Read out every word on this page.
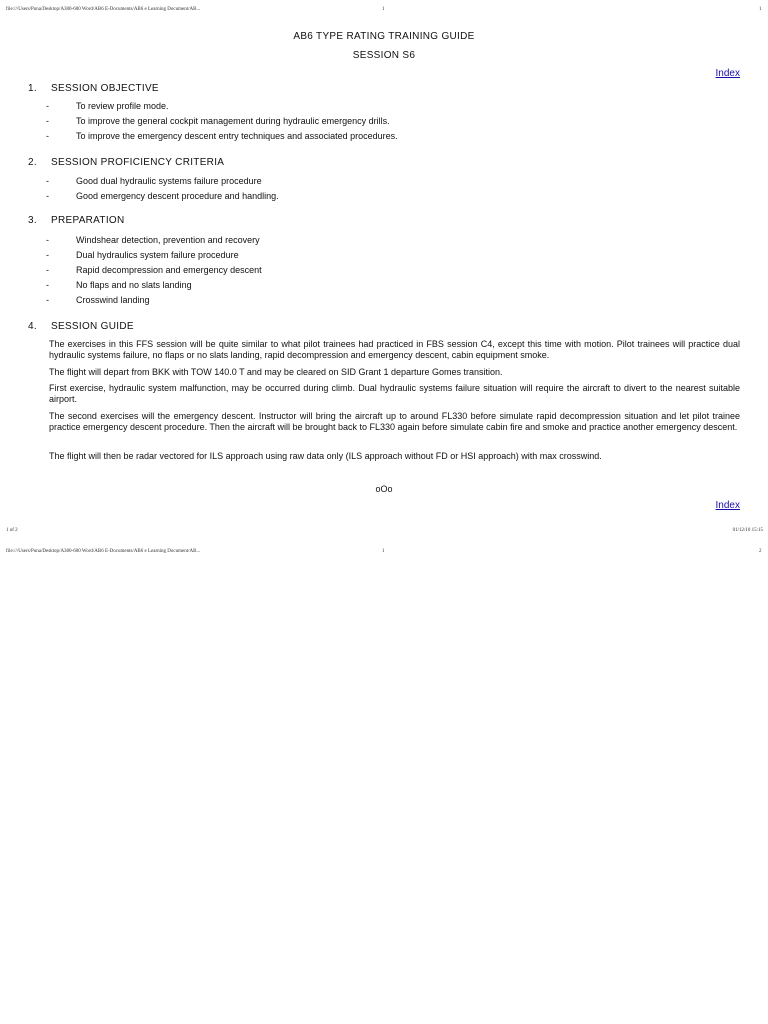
file:///Users/Puna/Desktop/A380-600 Word/AB6 E-Documents/AB6 e Learning Document/AB...	1	1
AB6 TYPE RATING TRAINING GUIDE
SESSION S6
Index
1. SESSION OBJECTIVE
-	To review profile mode.
-	To improve the general cockpit management during hydraulic emergency drills.
-	To improve the emergency descent entry techniques and associated procedures.
2. SESSION PROFICIENCY CRITERIA
-	Good dual hydraulic systems failure procedure
-	Good emergency descent procedure and handling.
3. PREPARATION
-	Windshear detection, prevention and recovery
-	Dual hydraulics system failure procedure
-	Rapid decompression and emergency descent
-	No flaps and no slats landing
-	Crosswind landing
4. SESSION GUIDE

The exercises in this FFS session will be quite similar to what pilot trainees had practiced in FBS session C4, except this time with motion. Pilot trainees will practice dual hydraulic systems failure, no flaps or no slats landing, rapid decompression and emergency descent, cabin equipment smoke.

The flight will depart from BKK with TOW 140.0 T and may be cleared on SID Grant 1 departure Gomes transition.

First exercise, hydraulic system malfunction, may be occurred during climb. Dual hydraulic systems failure situation will require the aircraft to divert to the nearest suitable airport.

The second exercises will the emergency descent. Instructor will bring the aircraft up to around FL330 before simulate rapid decompression situation and let pilot trainee practice emergency descent procedure. Then the aircraft will be brought back to FL330 again before simulate cabin fire and smoke and practice another emergency descent.

The flight will then be radar vectored for ILS approach using raw data only (ILS approach without FD or HSI approach) with max crosswind.

oOo
Index
1 of 2	01/12/10 15:15
file:///Users/Puna/Desktop/A380-600 Word/AB6 E-Documents/AB6 e Learning Document/AB...	1	2
